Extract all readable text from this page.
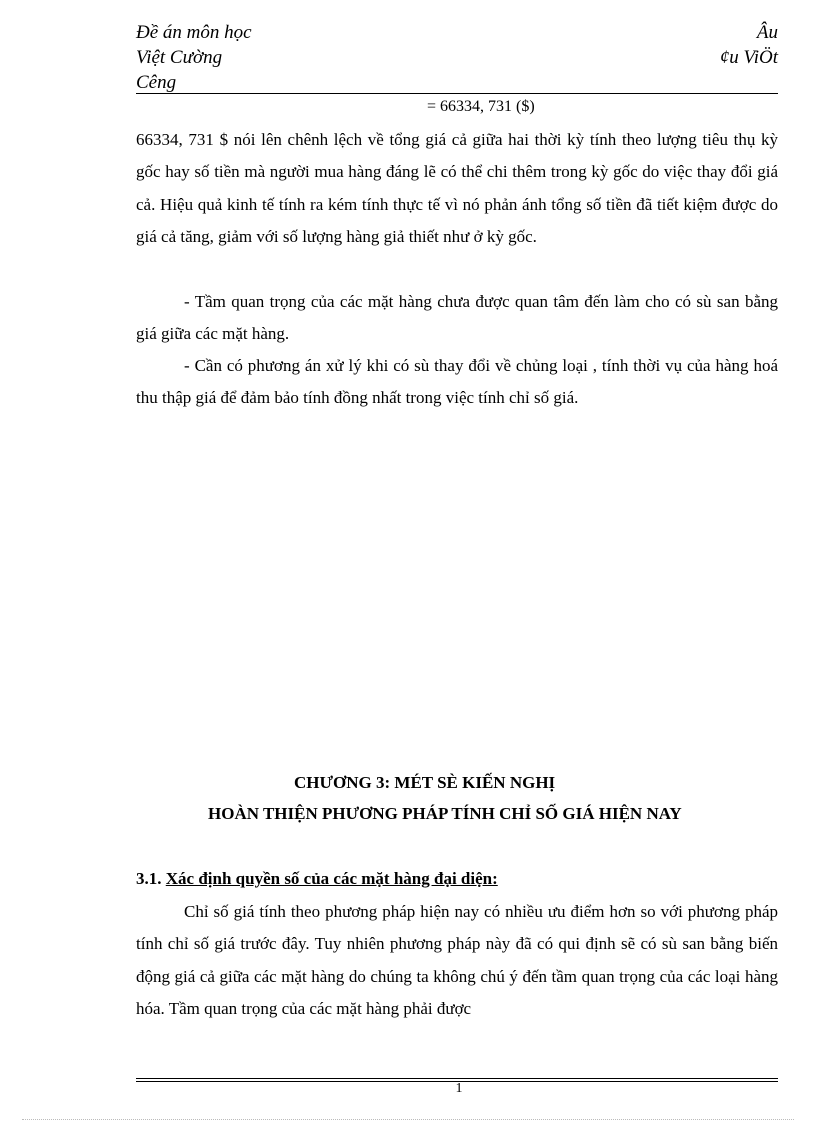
Đề án môn học
Việt Cường
Cêng
Âu
¢u ViÖt
= 66334, 731 ($)
66334, 731 $ nói lên chênh lệch về tổng giá cả giữa hai thời kỳ tính theo lượng tiêu thụ kỳ gốc hay số tiền mà người mua hàng đáng lẽ có thể chi thêm trong kỳ gốc do việc thay đổi giá cả. Hiệu quả kinh tế tính ra kém tính thực tế vì nó phản ánh tổng số tiền đã tiết kiệm được do giá cả tăng, giảm với số lượng hàng giả thiết như ở kỳ gốc.
- Tầm quan trọng của các mặt hàng chưa được quan tâm đến làm cho có sù san bằng giá giữa các mặt hàng.
- Cần có phương án xử lý khi có sù thay đổi về chủng loại , tính thời vụ của hàng hoá thu thập giá để đảm bảo tính đồng nhất trong việc tính chỉ số giá.
CHƯƠNG 3: MÉT SÈ KIẾN NGHỊ
HOÀN THIỆN PHƯƠNG PHÁP TÍNH CHỈ SỐ GIÁ HIỆN NAY
3.1. Xác định quyền số của các mặt hàng đại diện:
Chỉ số giá tính theo phương pháp hiện nay có nhiều ưu điểm hơn so với phương pháp tính chỉ số giá trước đây. Tuy nhiên phương pháp này đã có qui định sẽ có sù san bằng biến động giá cả giữa các mặt hàng do chúng ta không chú ý đến tầm quan trọng của các loại hàng hóa. Tầm quan trọng của các mặt hàng phải được
1
